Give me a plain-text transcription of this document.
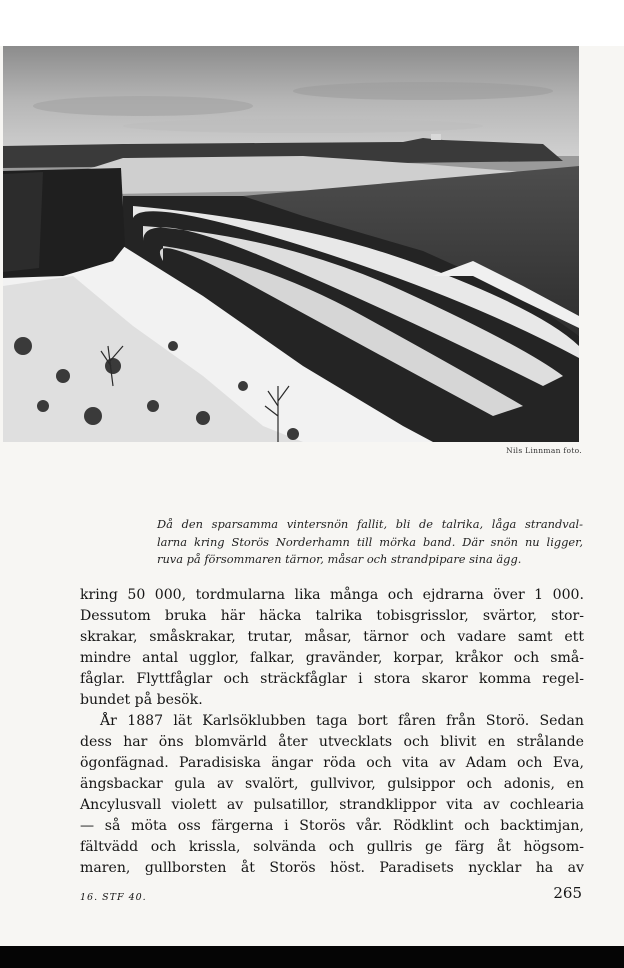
Nils Linnman foto.
Då den sparsamma vintersnön fallit, bli de talrika, låga strandval-
larna kring Storös Norderhamn till mörka band. Där snön nu ligger,
ruva på försommaren tärnor, måsar och strandpipare sina ägg.
kring 50 000, tordmularna lika många och ejdrarna över 1 000.
Dessutom bruka här häcka talrika tobisgrisslor, svärtor, stor-
skrakar, småskrakar, trutar, måsar, tärnor och vadare samt ett
mindre antal ugglor, falkar, gravänder, korpar, kråkor och små-
fåglar. Flyttfåglar och sträckfåglar i stora skaror komma regel-
bundet på besök.
År 1887 lät Karlsöklubben taga bort fåren från Storö. Sedan
dess har öns blomvärld åter utvecklats och blivit en strålande
ögonfägnad. Paradisiska ängar röda och vita av Adam och Eva,
ängsbackar gula av svalört, gullvivor, gulsippor och adonis, en
Ancylusvall violett av pulsatillor, strandklippor vita av cochlearia
— så möta oss färgerna i Storös vår. Rödklint och backtimjan,
fältvädd och krissla, solvända och gullris ge färg åt högsom-
maren, gullborsten åt Storös höst. Paradisets nycklar ha av
16. STF 40.	265
